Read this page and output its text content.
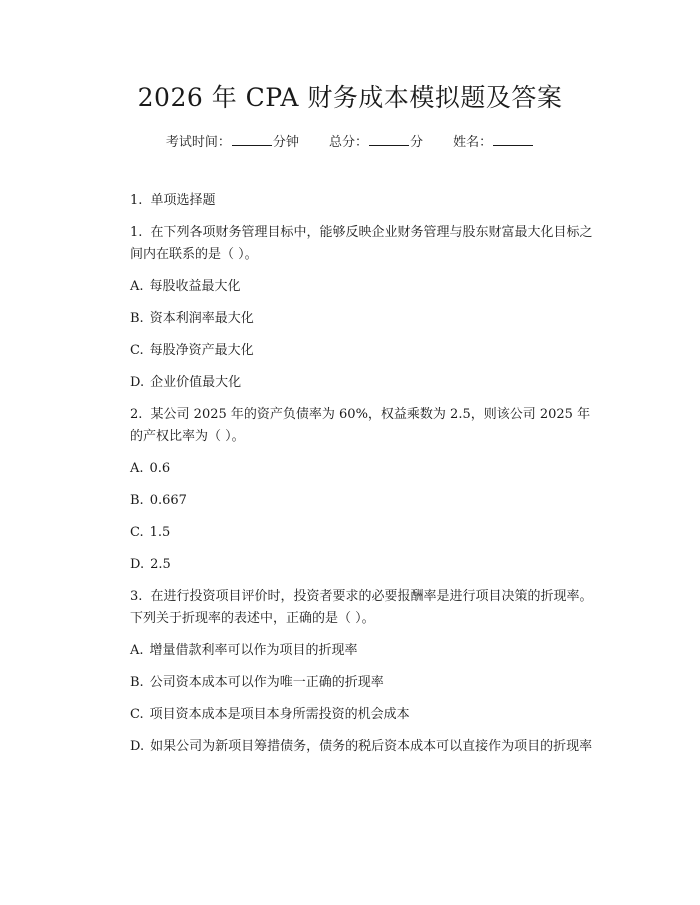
2026 年 CPA 财务成本模拟题及答案
考试时间：	分钟 总分：	分 姓名：
1. 单项选择题
1. 在下列各项财务管理目标中，能够反映企业财务管理与股东财富最大化目标之间内在联系的是（ ）。
A. 每股收益最大化
B. 资本利润率最大化
C. 每股净资产最大化
D. 企业价值最大化
2. 某公司 2025 年的资产负债率为 60%，权益乘数为 2.5，则该公司 2025 年的产权比率为（ ）。
A. 0.6
B. 0.667
C. 1.5
D. 2.5
3. 在进行投资项目评价时，投资者要求的必要报酬率是进行项目决策的折现率。下列关于折现率的表述中，正确的是（ ）。
A. 增量借款利率可以作为项目的折现率
B. 公司资本成本可以作为唯一正确的折现率
C. 项目资本成本是项目本身所需投资的机会成本
D. 如果公司为新项目筹措债务，债务的税后资本成本可以直接作为项目的折现率
